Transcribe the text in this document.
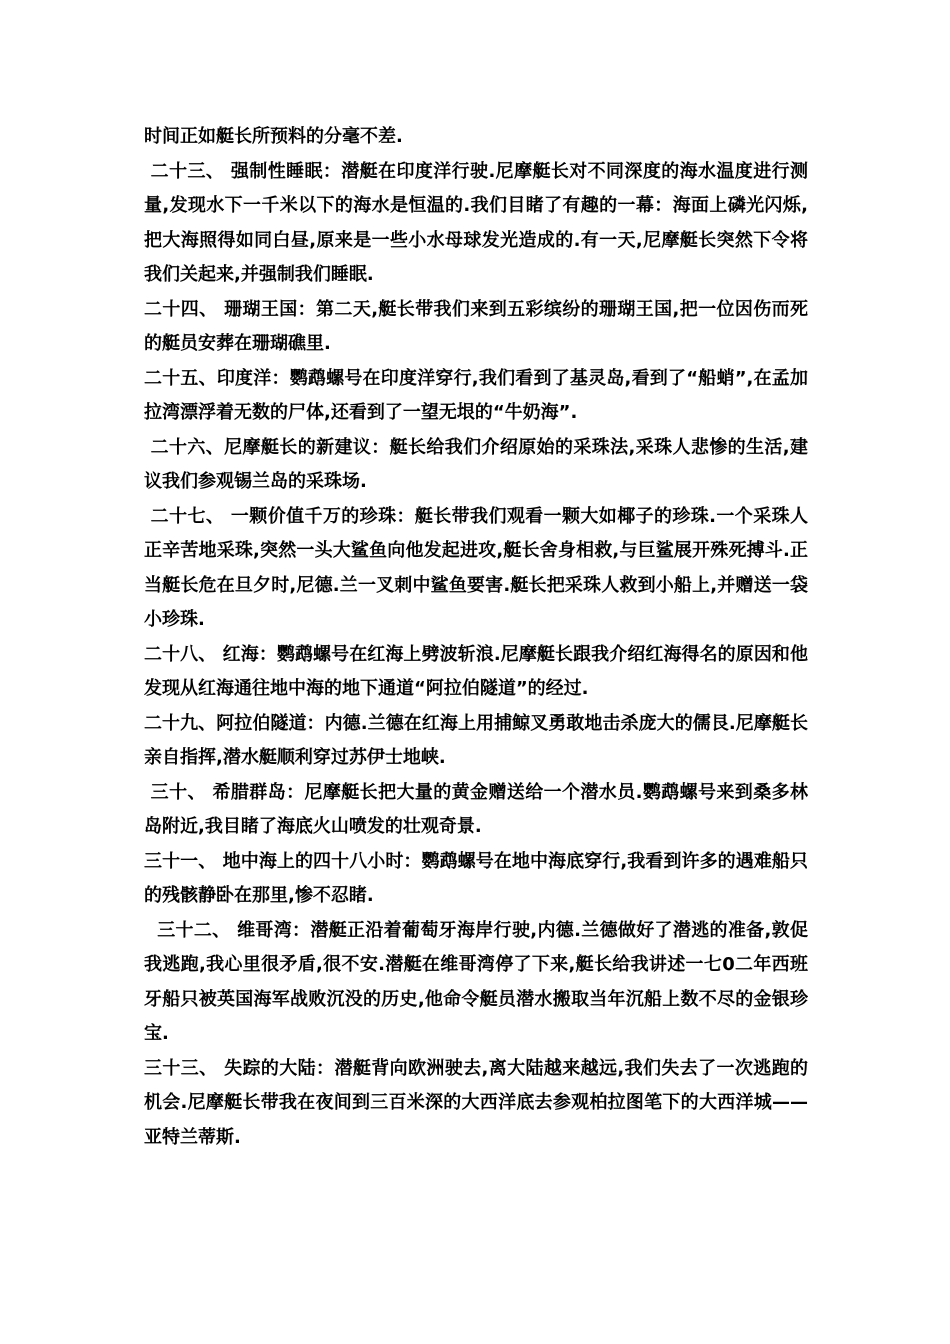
时间正如艇长所预料的分毫不差.

二十三、 强制性睡眠：潜艇在印度洋行驶.尼摩艇长对不同深度的海水温度进行测量,发现水下一千米以下的海水是恒温的.我们目睹了有趣的一幕：海面上磷光闪烁,把大海照得如同白昼,原来是一些小水母球发光造成的.有一天,尼摩艇长突然下令将我们关起来,并强制我们睡眠.

二十四、 珊瑚王国：第二天,艇长带我们来到五彩缤纷的珊瑚王国,把一位因伤而死的艇员安葬在珊瑚礁里.

二十五、印度洋：鹦鹉螺号在印度洋穿行,我们看到了基灵岛,看到了“船蛸”,在孟加拉湾漂浮着无数的尸体,还看到了一望无垠的“牛奶海”.

二十六、尼摩艇长的新建议：艇长给我们介绍原始的采珠法,采珠人悲惨的生活,建议我们参观锡兰岛的采珠场.

二十七、 一颗价值千万的珍珠：艇长带我们观看一颗大如椰子的珍珠.一个采珠人正辛苦地采珠,突然一头大鲨鱼向他发起进攻,艇长舍身相救,与巨鲨展开殊死搏斗.正当艇长危在旦夕时,尼德.兰一叉刺中鲨鱼要害.艇长把采珠人救到小船上,并赠送一袋小珍珠.

二十八、 红海：鹦鹉螺号在红海上劈波斩浪.尼摩艇长跟我介绍红海得名的原因和他发现从红海通往地中海的地下通道“阿拉伯隧道”的经过.

二十九、阿拉伯隧道：内德.兰德在红海上用捕鲸叉勇敢地击杀庞大的儒艮.尼摩艇长亲自指挥,潜水艇顺利穿过苏伊士地峡.

三十、 希腊群岛：尼摩艇长把大量的黄金赠送给一个潜水员.鹦鹉螺号来到桑多林岛附近,我目睹了海底火山喷发的壮观奇景.

三十一、 地中海上的四十八小时：鹦鹉螺号在地中海底穿行,我看到许多的遇难船只的残骸静卧在那里,惨不忍睹.

三十二、 维哥湾：潜艇正沿着葡萄牙海岸行驶,内德.兰德做好了潜逃的准备,敦促我逃跑,我心里很矛盾,很不安.潜艇在维哥湾停了下来,艇长给我讲述一七0二年西班牙船只被英国海军战败沉没的历史,他命令艇员潜水搬取当年沉船上数不尽的金银珍宝.

三十三、 失踪的大陆：潜艇背向欧洲驶去,离大陆越来越远,我们失去了一次逃跑的机会.尼摩艇长带我在夜间到三百米深的大西洋底去参观柏拉图笔下的大西洋城——亚特兰蒂斯.
